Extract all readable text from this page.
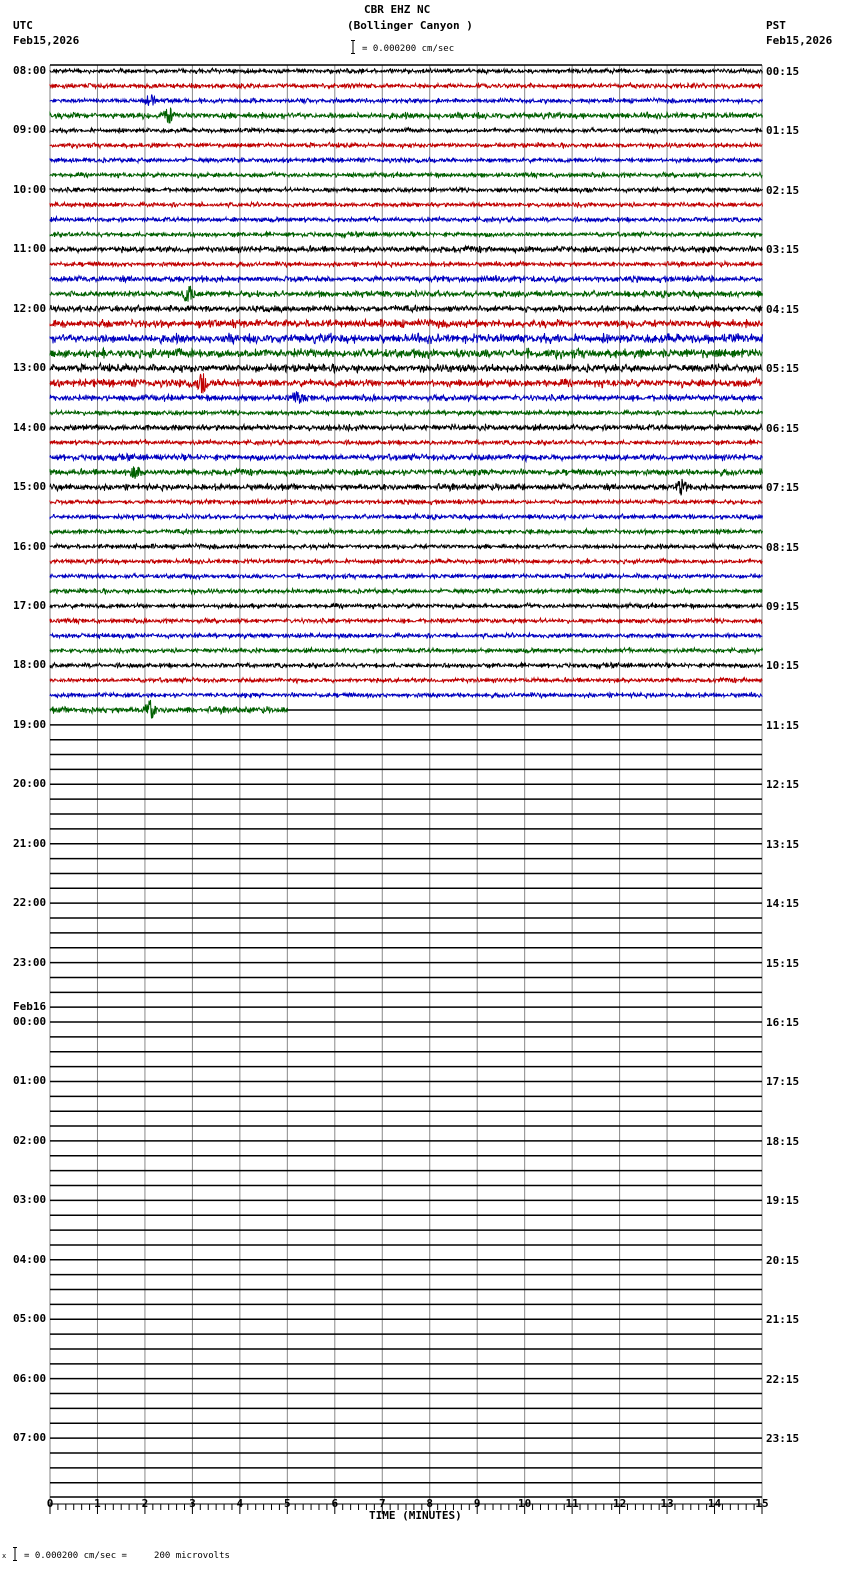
CBR EHZ NC
(Bollinger Canyon )
UTC
Feb15,2026
PST
Feb15,2026
= 0.000200 cm/sec
08:00
09:00
10:00
11:00
12:00
13:00
14:00
15:00
16:00
17:00
18:00
19:00
20:00
21:00
22:00
23:00
00:00
Feb16
01:00
02:00
03:00
04:00
05:00
06:00
07:00
00:15
01:15
02:15
03:15
04:15
05:15
06:15
07:15
08:15
09:15
10:15
11:15
12:15
13:15
14:15
15:15
16:15
17:15
18:15
19:15
20:15
21:15
22:15
23:15
0	1	2	3	4	5	6	7	8	9	10	11	12	13	14	15
TIME (MINUTES)
x = 0.000200 cm/sec =     200 microvolts
